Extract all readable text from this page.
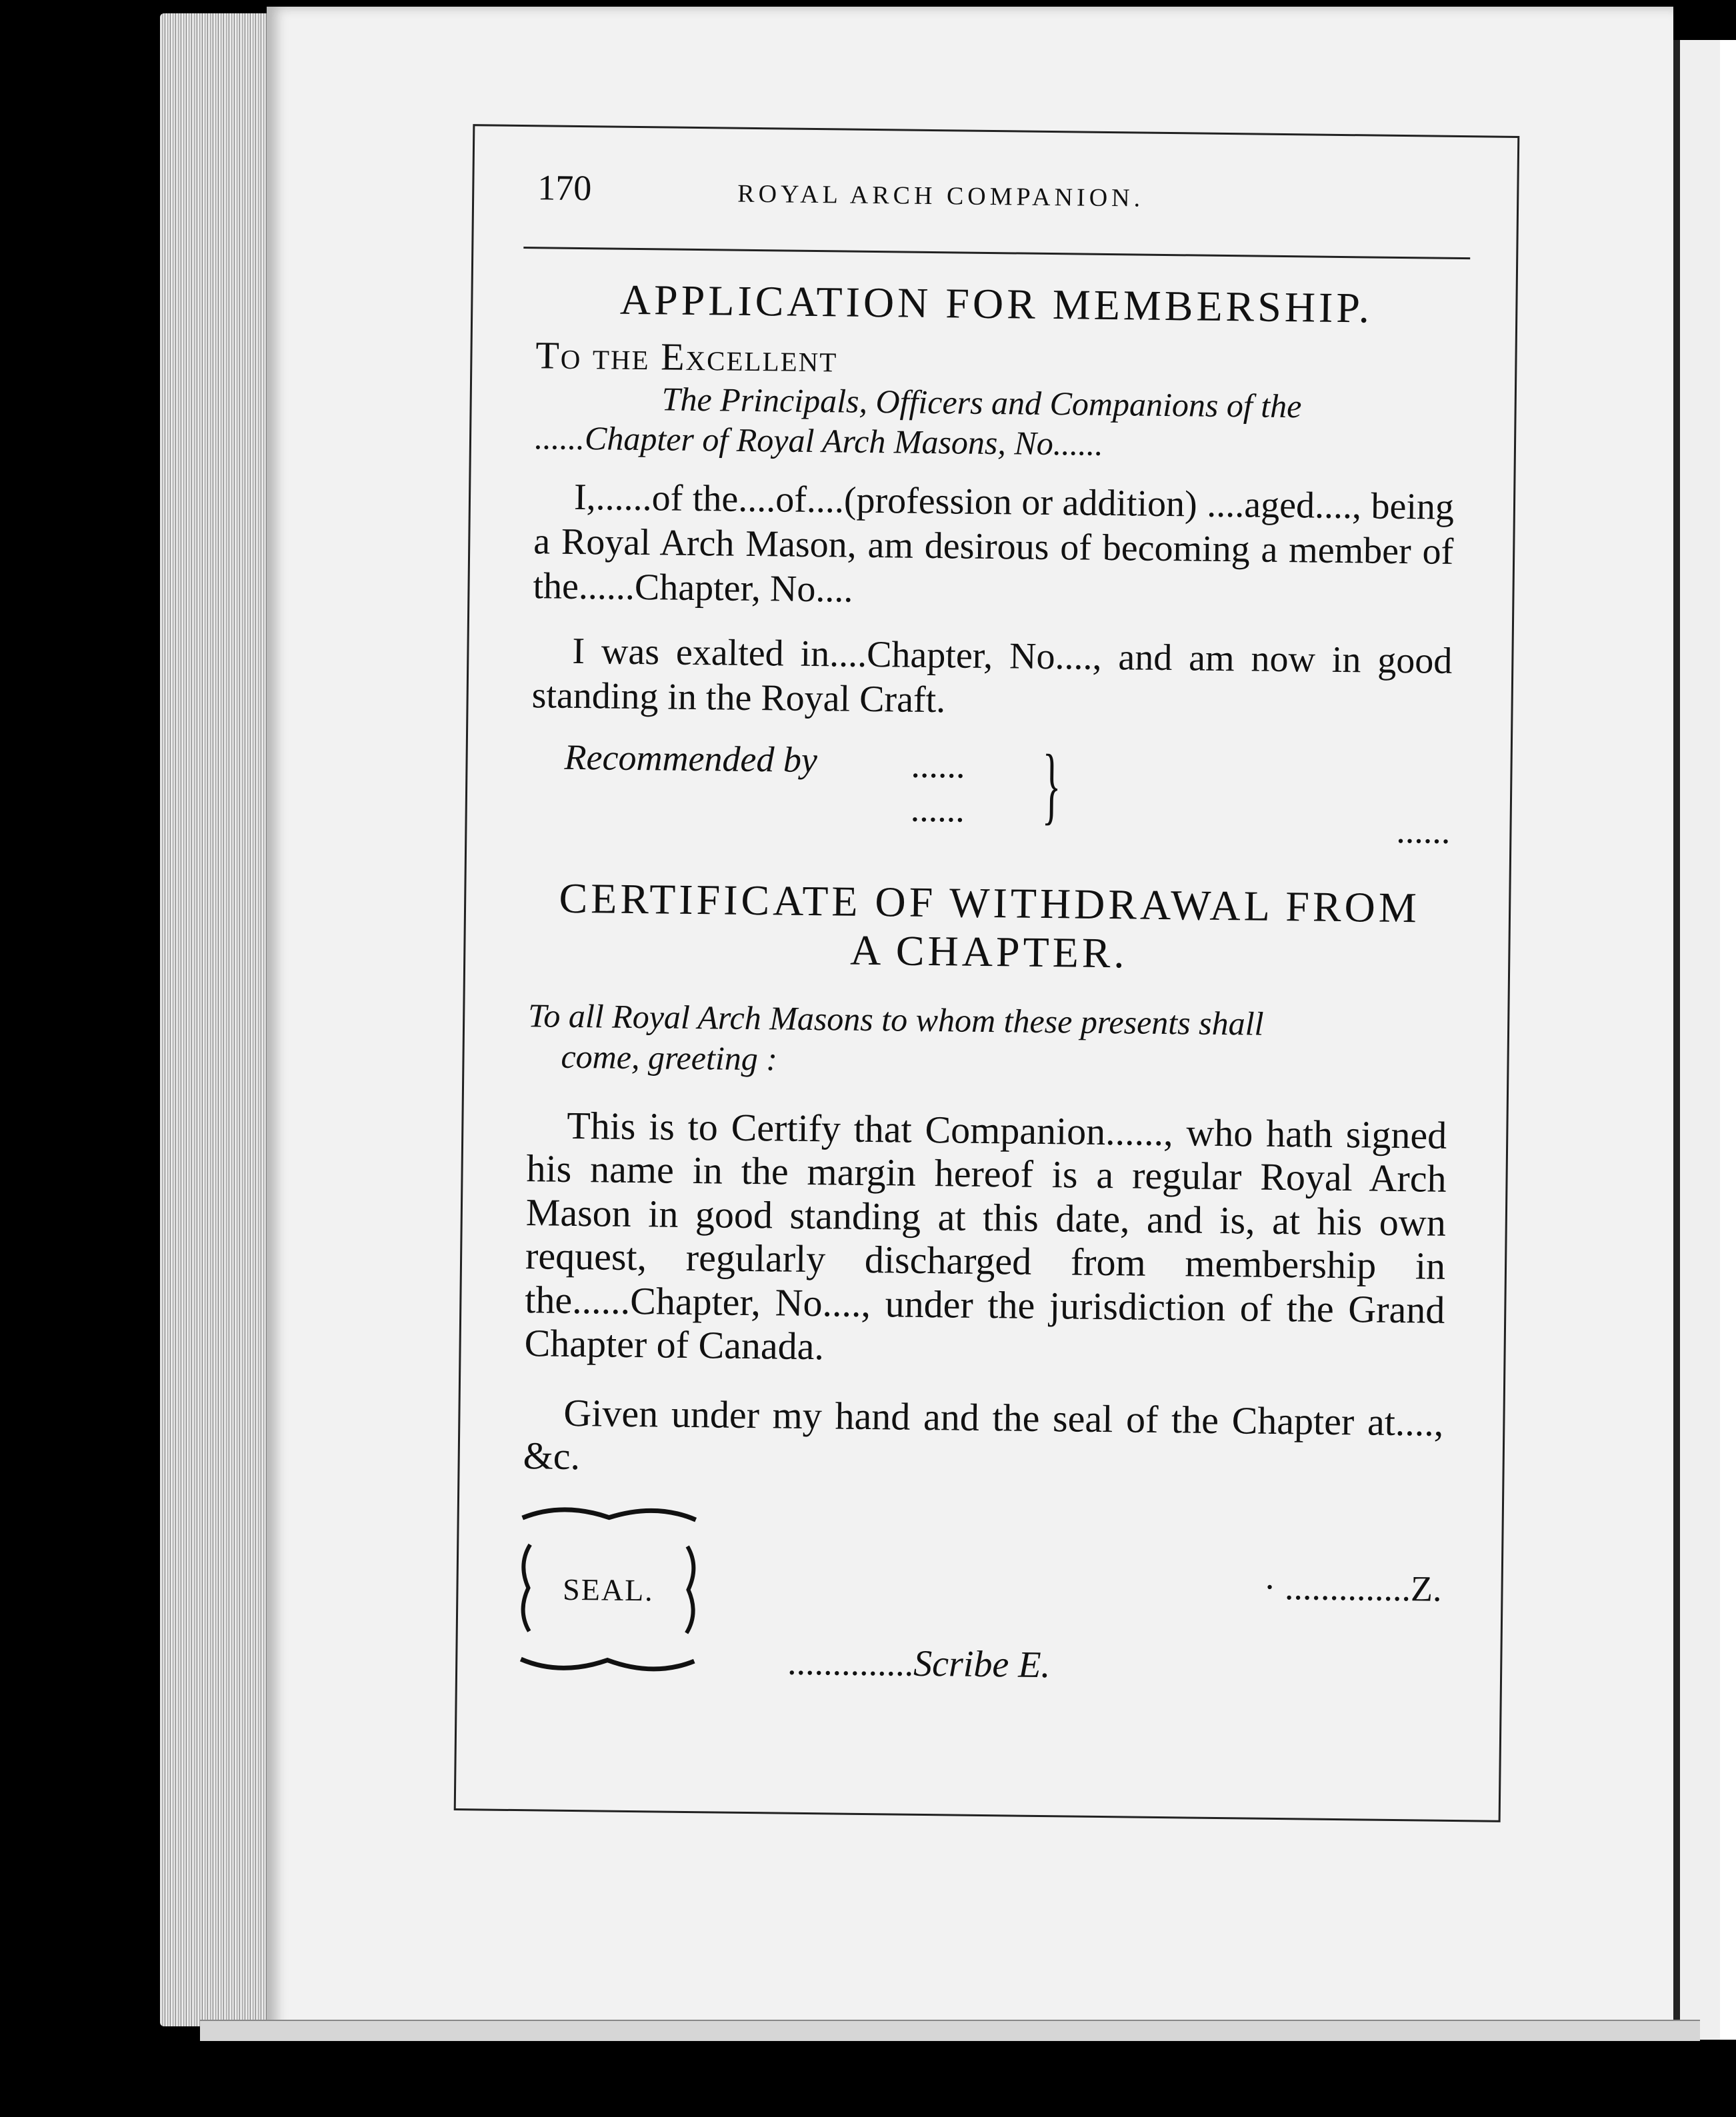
170	ROYAL ARCH COMPANION.
APPLICATION FOR MEMBERSHIP.
To the Excellent

The Principals, Officers and Companions of the

......Chapter of Royal Arch Masons, No......

I,......of the....of....(profession or addition) ....aged...., being a Royal Arch Mason, am desirous of becoming a member of the......Chapter, No....

I was exalted in....Chapter, No...., and am now in good standing in the Royal Craft.

Recommended by	......
...... }	......
CERTIFICATE OF WITHDRAWAL FROM
A CHAPTER.

To all Royal Arch Masons to whom these presents shall
come, greeting :

This is to Certify that Companion......, who hath signed his name in the margin hereof is a regular Royal Arch Mason in good standing at this date, and is, at his own request, regularly discharged from membership in the......Chapter, No...., under the jurisdiction of the Grand Chapter of Canada.

Given under my hand and the seal of the Chapter at...., &c.

SEAL.	· ..............Z.
..............Scribe E.
